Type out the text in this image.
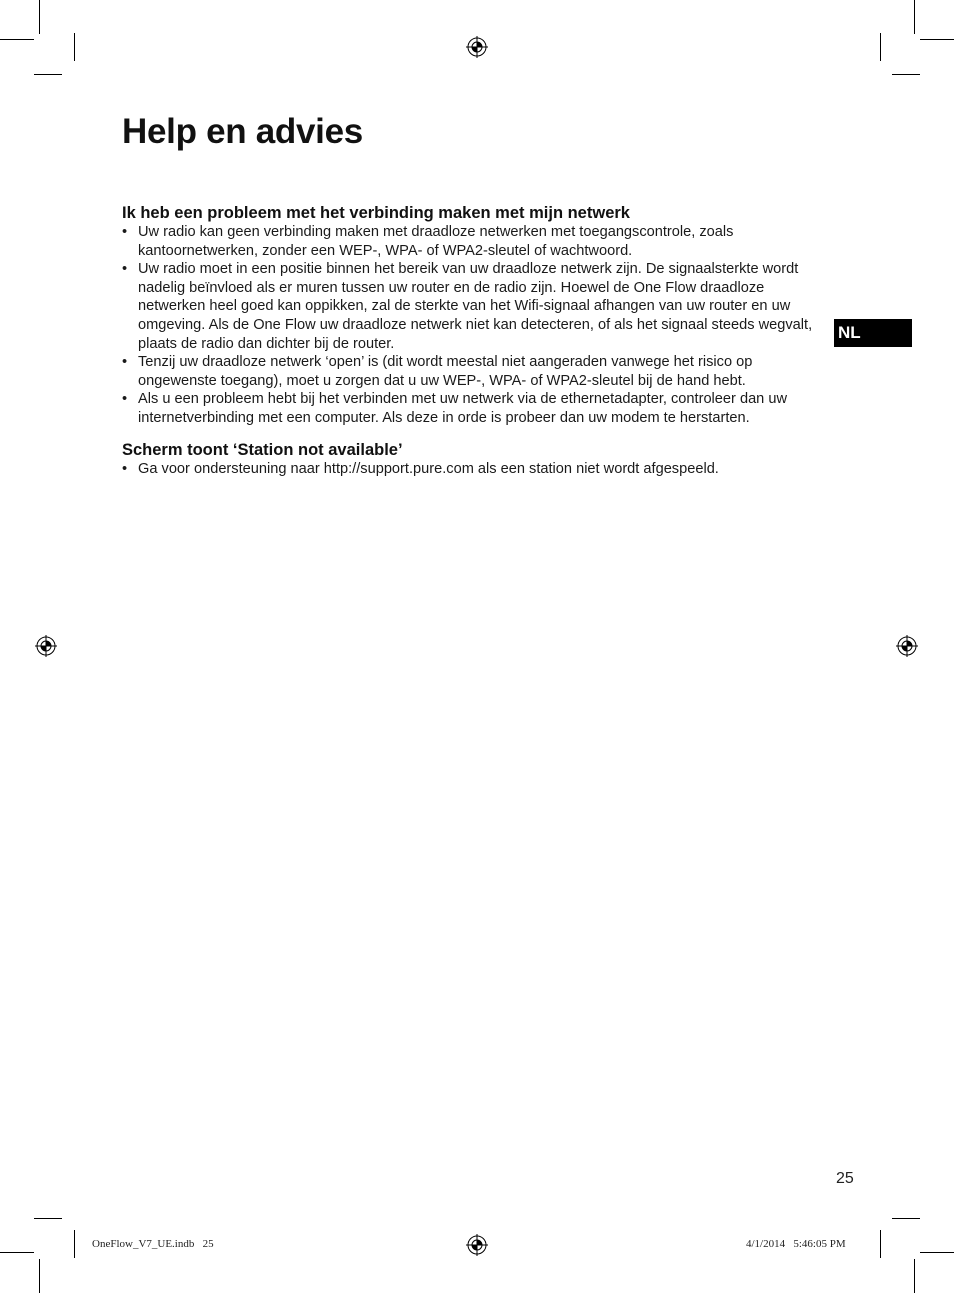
Help en advies
NL
Ik heb een probleem met het verbinding maken met mijn netwerk
• Uw radio kan geen verbinding maken met draadloze netwerken met toegangscontrole, zoals kantoornetwerken, zonder een WEP-, WPA- of WPA2-sleutel of wachtwoord.
• Uw radio moet in een positie binnen het bereik van uw draadloze netwerk zijn. De signaalsterkte wordt nadelig beïnvloed als er muren tussen uw router en de radio zijn. Hoewel de One Flow draadloze netwerken heel goed kan oppikken, zal de sterkte van het Wifi-signaal afhangen van uw router en uw omgeving. Als de One Flow uw draadloze netwerk niet kan detecteren, of als het signaal steeds wegvalt, plaats de radio dan dichter bij de router.
• Tenzij uw draadloze netwerk ‘open’ is (dit wordt meestal niet aangeraden vanwege het risico op ongewenste toegang), moet u zorgen dat u uw WEP-, WPA- of WPA2-sleutel bij de hand hebt.
• Als u een probleem hebt bij het verbinden met uw netwerk via de ethernetadapter, controleer dan uw internetverbinding met een computer. Als deze in orde is probeer dan uw modem te herstarten.
Scherm toont ‘Station not available’
• Ga voor ondersteuning naar http://support.pure.com als een station niet wordt afgespeeld.
25
OneFlow_V7_UE.indb   25	4/1/2014   5:46:05 PM
